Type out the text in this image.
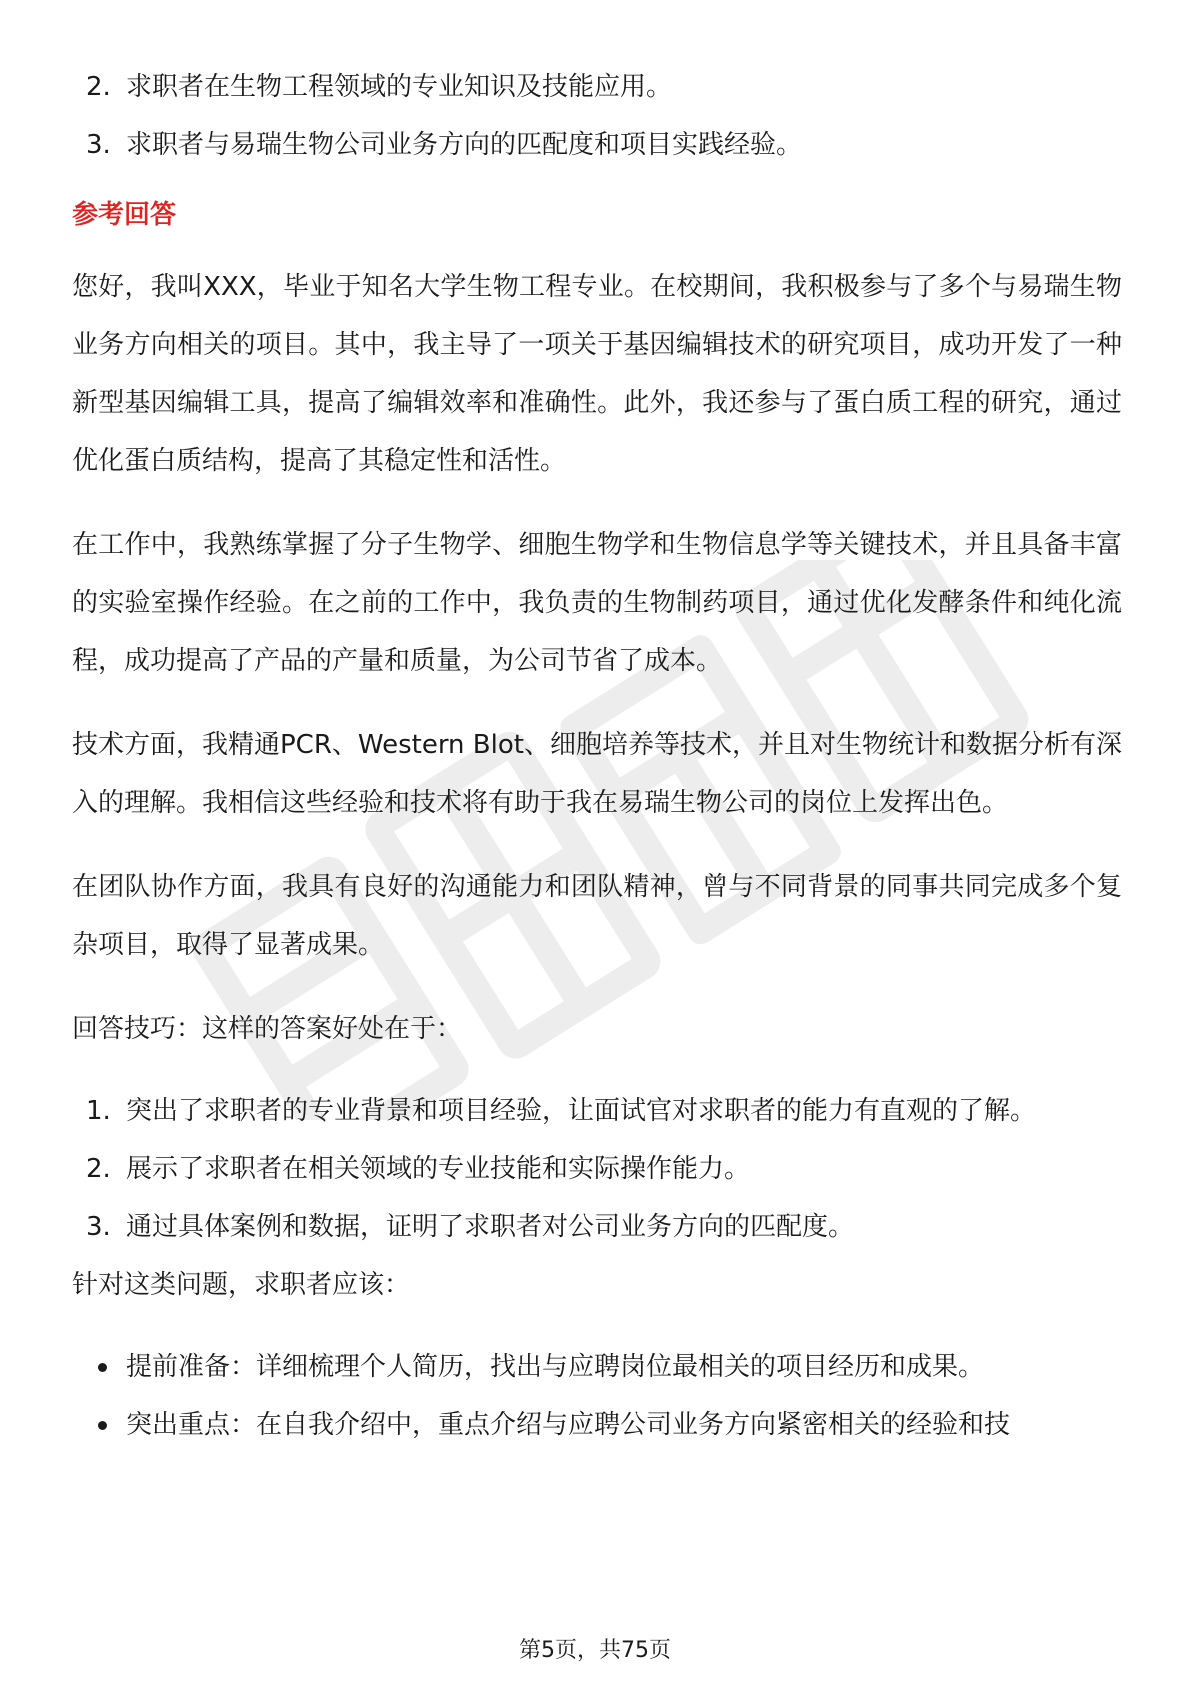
2. 求职者在生物工程领域的专业知识及技能应用。
3. 求职者与易瑞生物公司业务方向的匹配度和项目实践经验。
参考回答

您好，我叫XXX，毕业于知名大学生物工程专业。在校期间，我积极参与了多个与易瑞生物业务方向相关的项目。其中，我主导了一项关于基因编辑技术的研究项目，成功开发了一种新型基因编辑工具，提高了编辑效率和准确性。此外，我还参与了蛋白质工程的研究，通过优化蛋白质结构，提高了其稳定性和活性。

在工作中，我熟练掌握了分子生物学、细胞生物学和生物信息学等关键技术，并且具备丰富的实验室操作经验。在之前的工作中，我负责的生物制药项目，通过优化发酵条件和纯化流程，成功提高了产品的产量和质量，为公司节省了成本。

技术方面，我精通PCR、Western Blot、细胞培养等技术，并且对生物统计和数据分析有深入的理解。我相信这些经验和技术将有助于我在易瑞生物公司的岗位上发挥出色。

在团队协作方面，我具有良好的沟通能力和团队精神，曾与不同背景的同事共同完成多个复杂项目，取得了显著成果。

回答技巧：这样的答案好处在于：
1. 突出了求职者的专业背景和项目经验，让面试官对求职者的能力有直观的了解。
2. 展示了求职者在相关领域的专业技能和实际操作能力。
3. 通过具体案例和数据，证明了求职者对公司业务方向的匹配度。
针对这类问题，求职者应该：
提前准备：详细梳理个人简历，找出与应聘岗位最相关的项目经历和成果。
突出重点：在自我介绍中，重点介绍与应聘公司业务方向紧密相关的经验和技
第5页，共75页
